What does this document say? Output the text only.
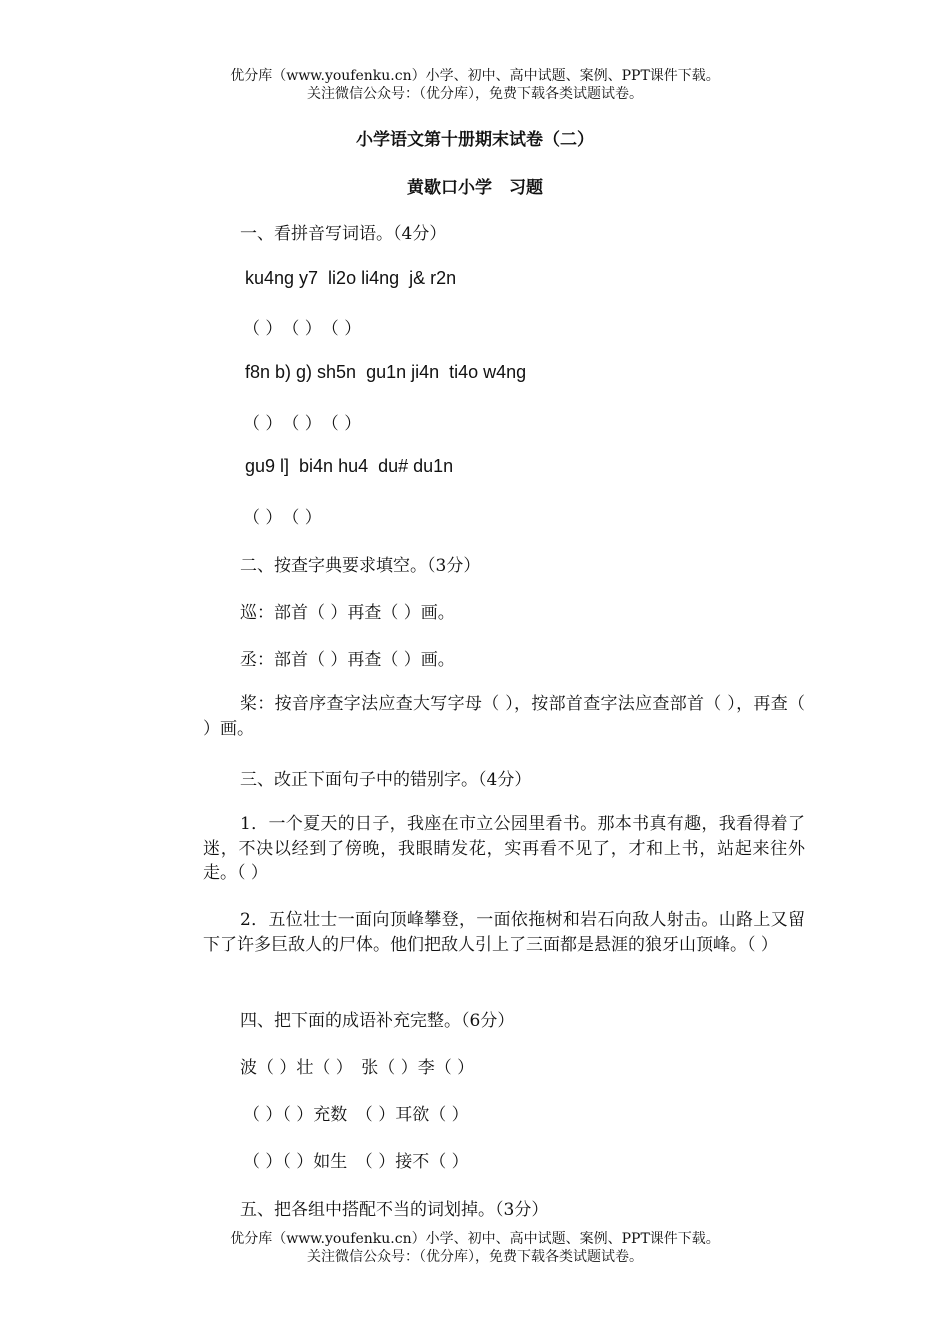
优分库（www.youfenku.cn）小学、初中、高中试题、案例、PPT课件下载。
关注微信公众号：（优分库），免费下载各类试题试卷。
小学语文第十册期末试卷（二）
黄歇口小学　习题
一、看拼音写词语。（4分）
ku4ng y7  li2o li4ng  j& r2n
（ ）　（ ）　（ ）
f8n b) g) sh5n  gu1n ji4n  ti4o w4ng
（ ）　（ ）　（ ）
gu9 l]  bi4n hu4  du# du1n
（ ）　（ ）
二、按查字典要求填空。（3分）
巡：部首（ ）再查（ ）画。
丞：部首（ ）再查（ ）画。
桨：按音序查字法应查大写字母（ ），按部首查字法应查部首（ ），再查（ ）画。
三、改正下面句子中的错别字。（4分）
1．一个夏天的日子，我座在市立公园里看书。那本书真有趣，我看得着了迷，不决以经到了傍晚，我眼睛发花，实再看不见了，才和上书，站起来往外走。（ ）
2．五位壮士一面向顶峰攀登，一面依拖树和岩石向敌人射击。山路上又留下了许多巨敌人的尸体。他们把敌人引上了三面都是悬涯的狼牙山顶峰。（ ）
四、把下面的成语补充完整。（6分）
波（ ）壮（ ）　张（ ）李（ ）
（ ）（ ）充数　（ ）耳欲（ ）
（ ）（ ）如生　（ ）接不（ ）
五、把各组中搭配不当的词划掉。（3分）
优分库（www.youfenku.cn）小学、初中、高中试题、案例、PPT课件下载。
关注微信公众号：（优分库），免费下载各类试题试卷。
